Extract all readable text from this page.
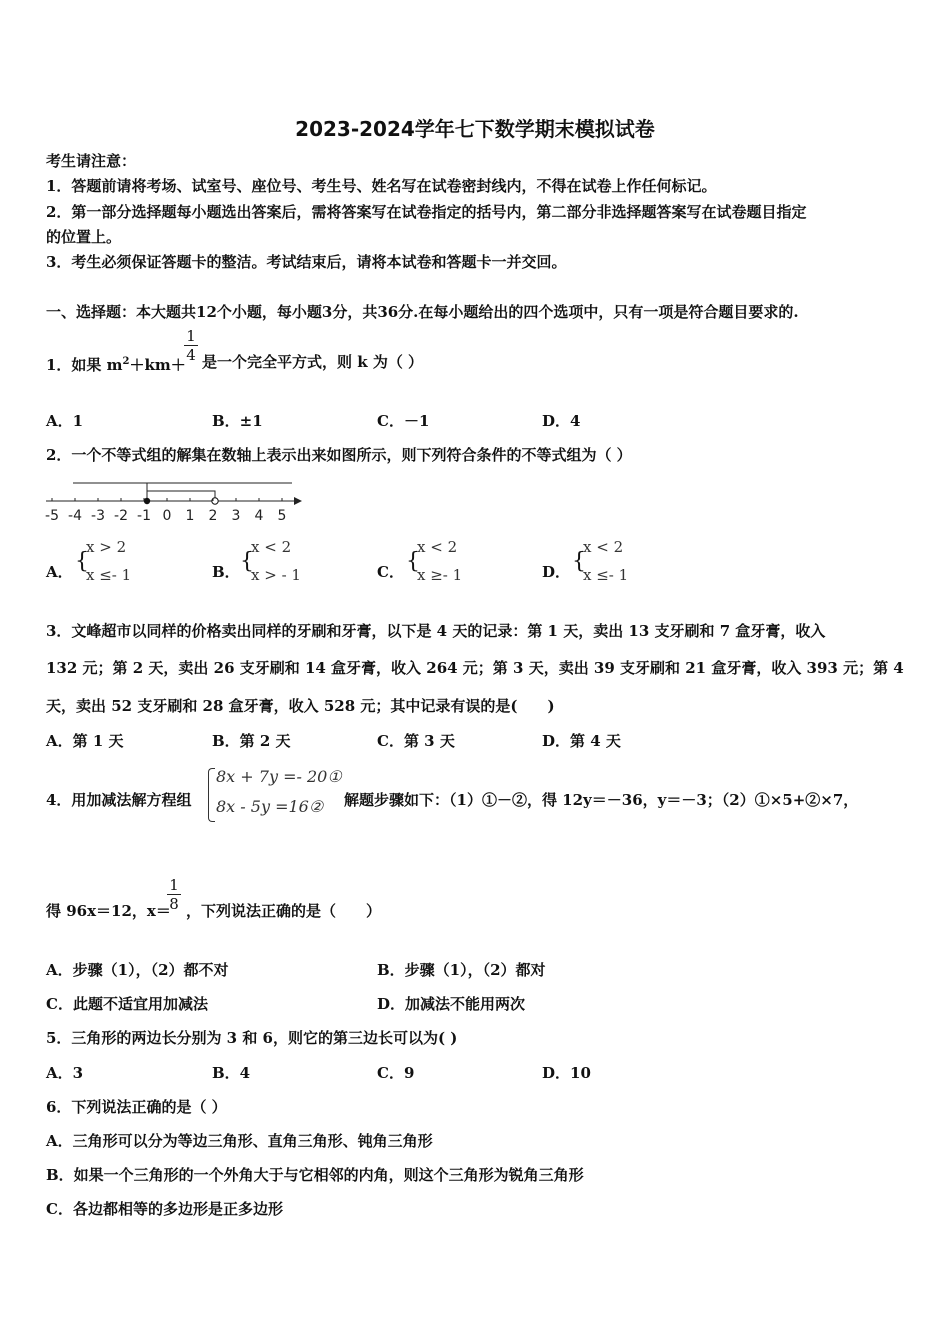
2023-2024学年七下数学期末模拟试卷
考生请注意：
1．答题前请将考场、试室号、座位号、考生号、姓名写在试卷密封线内，不得在试卷上作任何标记。
2．第一部分选择题每小题选出答案后，需将答案写在试卷指定的括号内，第二部分非选择题答案写在试卷题目指定
的位置上。
3．考生必须保证答题卡的整洁。考试结束后，请将本试卷和答题卡一并交回。
一、选择题：本大题共12个小题，每小题3分，共36分.在每小题给出的四个选项中，只有一项是符合题目要求的.
1．如果 $m^2+km+$
1
4 是一个完全平方式，则 k 为（ ）
A．1	B．±1	C．－1	D．4
2．一个不等式组的解集在数轴上表示出来如图所示，则下列符合条件的不等式组为（ ）
-5 -4 -3 -2 -1 0 1 2 3 4 5
A． {
x > 2
x ≤- 1	B． {
x < 2
x > - 1	C． {
x < 2
x ≥- 1	D． {
x < 2
x ≤- 1
3．文峰超市以同样的价格卖出同样的牙刷和牙膏，以下是 4 天的记录：第 1 天，卖出 13 支牙刷和 7 盒牙膏，收入
132 元；第 2 天，卖出 26 支牙刷和 14 盒牙膏，收入 264 元；第 3 天，卖出 39 支牙刷和 21 盒牙膏，收入 393 元；第 4
天，卖出 52 支牙刷和 28 盒牙膏，收入 528 元；其中记录有误的是(　　)
A．第 1 天	B．第 2 天	C．第 3 天	D．第 4 天
4．用加减法解方程组
8x + 7y =- 20①
8x - 5y =16② 解题步骤如下：（1）①－②，得 12y＝－36，y＝－3；（2）①×5+②×7，
得 96x＝12，x＝
1
8 ，下列说法正确的是（　　）
A．步骤（1），（2）都不对	B．步骤（1），（2）都对
C．此题不适宜用加减法	D．加减法不能用两次
5．三角形的两边长分别为 3 和 6，则它的第三边长可以为( )
A．3	B．4	C．9	D．10
6．下列说法正确的是（ ）
A．三角形可以分为等边三角形、直角三角形、钝角三角形
B．如果一个三角形的一个外角大于与它相邻的内角，则这个三角形为锐角三角形
C．各边都相等的多边形是正多边形
